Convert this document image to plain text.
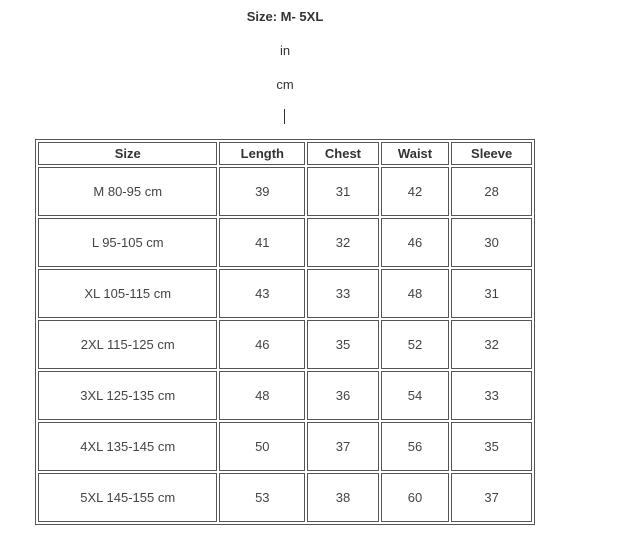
Size: M- 5XL
in
cm
Size	Length	Chest	Waist	Sleeve
M 80-95 cm	39	31	42	28
L 95-105 cm	41	32	46	30
XL 105-115 cm	43	33	48	31
2XL 115-125 cm	46	35	52	32
3XL 125-135 cm	48	36	54	33
4XL 135-145 cm	50	37	56	35
5XL 145-155 cm	53	38	60	37
